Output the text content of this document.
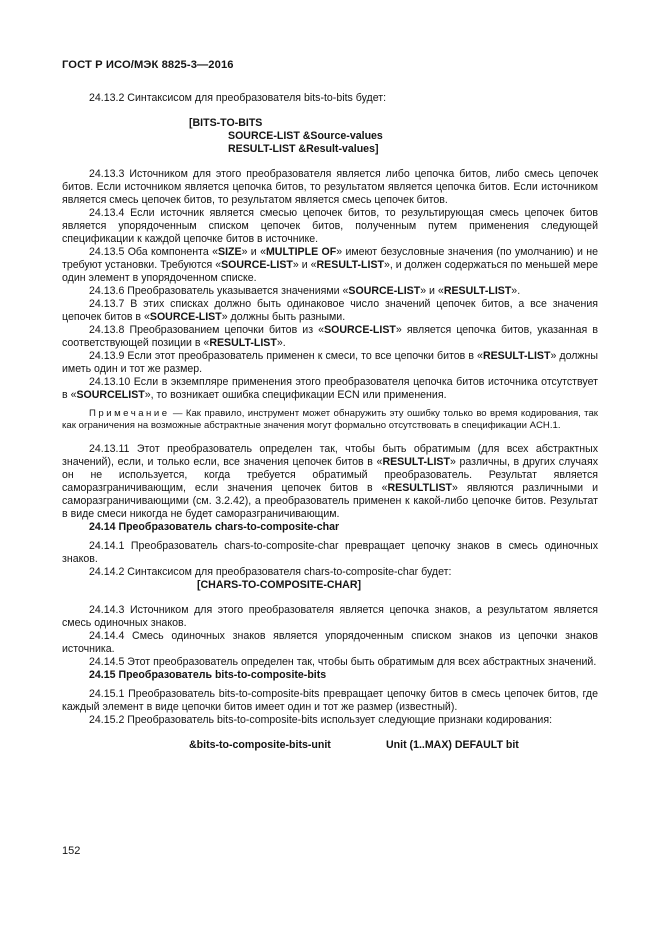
ГОСТ Р ИСО/МЭК 8825-3—2016

24.13.2 Синтаксисом для преобразователя bits-to-bits будет:

[BITS-TO-BITS

SOURCE-LIST &Source-values

RESULT-LIST &Result-values]

24.13.3 Источником для этого преобразователя является либо цепочка битов, либо смесь цепочек битов. Если источником является цепочка битов, то результатом является цепочка битов. Если источником является смесь цепочек битов, то результатом является смесь цепочек битов.

24.13.4 Если источник является смесью цепочек битов, то результирующая смесь цепочек битов является упорядоченным списком цепочек битов, полученным путем применения следующей спецификации к каждой цепочке битов в источнике.

24.13.5 Оба компонента «SIZE» и «MULTIPLE OF» имеют безусловные значения (по умолчанию) и не требуют установки. Требуются «SOURCE-LIST» и «RESULT-LIST», и должен содержаться по меньшей мере один элемент в упорядоченном списке.

24.13.6 Преобразователь указывается значениями «SOURCE-LIST» и «RESULT-LIST».

24.13.7 В этих списках должно быть одинаковое число значений цепочек битов, а все значения цепочек битов в «SOURCE-LIST» должны быть разными.

24.13.8 Преобразованием цепочки битов из «SOURCE-LIST» является цепочка битов, указанная в соответствующей позиции в «RESULT-LIST».

24.13.9 Если этот преобразователь применен к смеси, то все цепочки битов в «RESULT-LIST» должны иметь один и тот же размер.

24.13.10 Если в экземпляре применения этого преобразователя цепочка битов источника отсутствует в «SOURCELIST», то возникает ошибка спецификации ECN или применения.

Примечание — Как правило, инструмент может обнаружить эту ошибку только во время кодирования, так как ограничения на возможные абстрактные значения могут формально отсутствовать в спецификации ACH.1.

24.13.11 Этот преобразователь определен так, чтобы быть обратимым (для всех абстрактных значений), если, и только если, все значения цепочек битов в «RESULT-LIST» различны, в других случаях он не используется, когда требуется обратимый преобразователь. Результат является саморазграничивающим, если значения цепочек битов в «RESULTLIST» являются различными и саморазграничивающими (см. 3.2.42), а преобразователь применен к какой-либо цепочке битов. Результат в виде смеси никогда не будет саморазграничивающим.

24.14 Преобразователь chars-to-composite-char

24.14.1 Преобразователь chars-to-composite-char превращает цепочку знаков в смесь одиночных знаков.

24.14.2 Синтаксисом для преобразователя chars-to-composite-char будет:

[CHARS-TO-COMPOSITE-CHAR]

24.14.3 Источником для этого преобразователя является цепочка знаков, а результатом является смесь одиночных знаков.

24.14.4 Смесь одиночных знаков является упорядоченным списком знаков из цепочки знаков источника.

24.14.5 Этот преобразователь определен так, чтобы быть обратимым для всех абстрактных значений.

24.15 Преобразователь bits-to-composite-bits

24.15.1 Преобразователь bits-to-composite-bits превращает цепочку битов в смесь цепочек битов, где каждый элемент в виде цепочки битов имеет один и тот же размер (известный).

24.15.2 Преобразователь bits-to-composite-bits использует следующие признаки кодирования:

&bits-to-composite-bits-unit	Unit (1..MAX) DEFAULT bit
152
